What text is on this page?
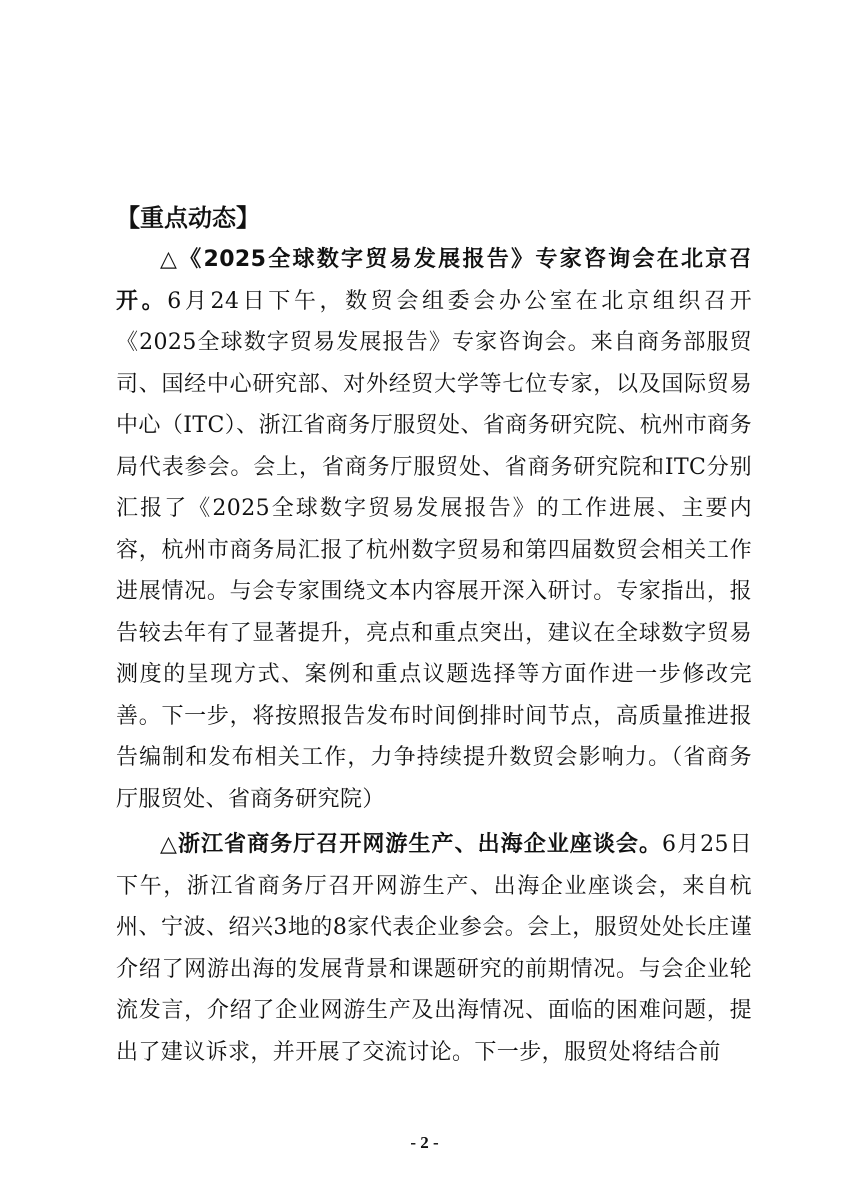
【重点动态】

△《2025全球数字贸易发展报告》专家咨询会在北京召开。6月24日下午，数贸会组委会办公室在北京组织召开《2025全球数字贸易发展报告》专家咨询会。来自商务部服贸司、国经中心研究部、对外经贸大学等七位专家，以及国际贸易中心（ITC）、浙江省商务厅服贸处、省商务研究院、杭州市商务局代表参会。会上，省商务厅服贸处、省商务研究院和ITC分别汇报了《2025全球数字贸易发展报告》的工作进展、主要内容，杭州市商务局汇报了杭州数字贸易和第四届数贸会相关工作进展情况。与会专家围绕文本内容展开深入研讨。专家指出，报告较去年有了显著提升，亮点和重点突出，建议在全球数字贸易测度的呈现方式、案例和重点议题选择等方面作进一步修改完善。下一步，将按照报告发布时间倒排时间节点，高质量推进报告编制和发布相关工作，力争持续提升数贸会影响力。（省商务厅服贸处、省商务研究院）

△浙江省商务厅召开网游生产、出海企业座谈会。6月25日下午，浙江省商务厅召开网游生产、出海企业座谈会，来自杭州、宁波、绍兴3地的8家代表企业参会。会上，服贸处处长庄谨介绍了网游出海的发展背景和课题研究的前期情况。与会企业轮流发言，介绍了企业网游生产及出海情况、面临的困难问题，提出了建议诉求，并开展了交流讨论。下一步，服贸处将结合前

- 2 -
